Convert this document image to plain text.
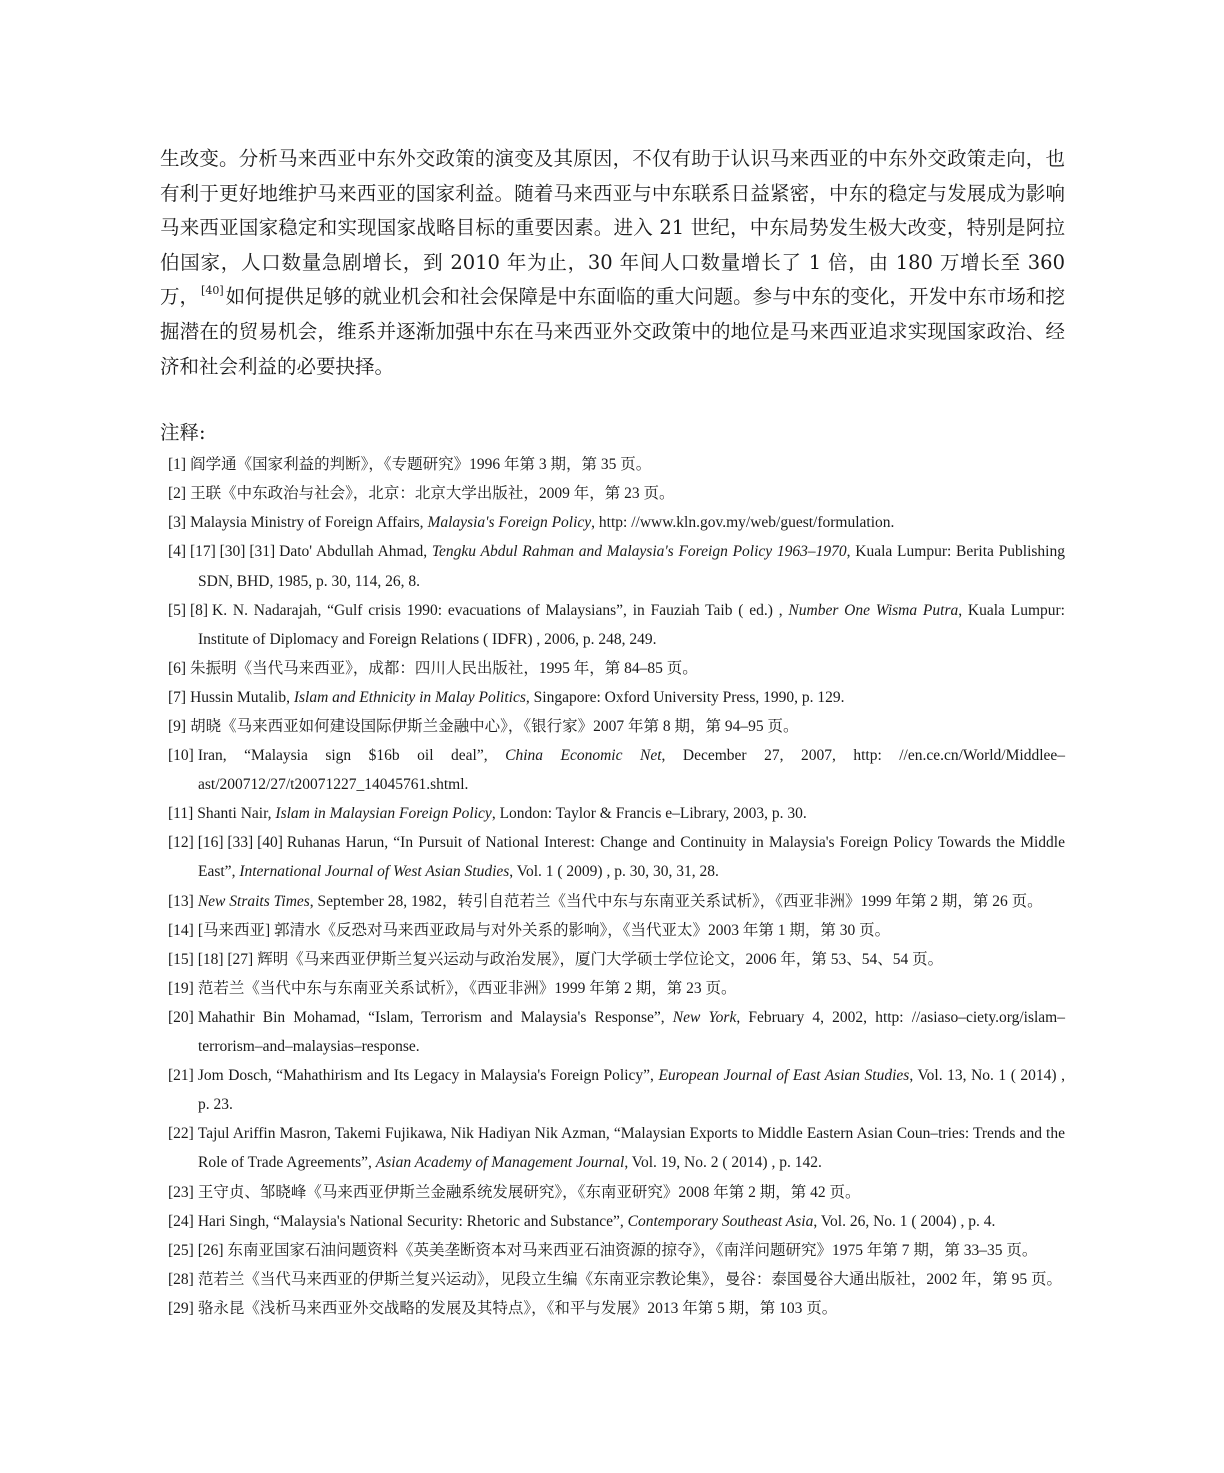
生改变。分析马来西亚中东外交政策的演变及其原因，不仅有助于认识马来西亚的中东外交政策走向，也有利于更好地维护马来西亚的国家利益。随着马来西亚与中东联系日益紧密，中东的稳定与发展成为影响马来西亚国家稳定和实现国家战略目标的重要因素。进入 21 世纪，中东局势发生极大改变，特别是阿拉伯国家，人口数量急剧增长，到 2010 年为止，30 年间人口数量增长了 1 倍，由 180 万增长至 360 万， [40] 如何提供足够的就业机会和社会保障是中东面临的重大问题。参与中东的变化，开发中东市场和挖掘潜在的贸易机会，维系并逐渐加强中东在马来西亚外交政策中的地位是马来西亚追求实现国家政治、经济和社会利益的必要抉择。

注释:
[1] 阎学通《国家利益的判断》，《专题研究》1996 年第 3 期，第 35 页。
[2] 王联《中东政治与社会》，北京：北京大学出版社，2009 年，第 23 页。
[3] Malaysia Ministry of Foreign Affairs, Malaysia's Foreign Policy, http: //www.kln.gov.my/web/guest/formulation.
[4] [17] [30] [31] Dato' Abdullah Ahmad, Tengku Abdul Rahman and Malaysia's Foreign Policy 1963–1970, Kuala Lumpur: Berita Publishing SDN, BHD, 1985, p. 30, 114, 26, 8.
[5] [8] K. N. Nadarajah, “Gulf crisis 1990: evacuations of Malaysians”, in Fauziah Taib ( ed.) , Number One Wisma Putra, Kuala Lumpur: Institute of Diplomacy and Foreign Relations ( IDFR) , 2006, p. 248, 249.
[6] 朱振明《当代马来西亚》，成都：四川人民出版社，1995 年，第 84–85 页。
[7] Hussin Mutalib, Islam and Ethnicity in Malay Politics, Singapore: Oxford University Press, 1990, p. 129.
[9] 胡晓《马来西亚如何建设国际伊斯兰金融中心》，《银行家》2007 年第 8 期，第 94–95 页。
[10] Iran, “Malaysia sign $16b oil deal”, China Economic Net, December 27, 2007, http: //en.ce.cn/World/Middlee–ast/200712/27/t20071227_14045761.shtml.
[11] Shanti Nair, Islam in Malaysian Foreign Policy, London: Taylor & Francis e–Library, 2003, p. 30.
[12] [16] [33] [40] Ruhanas Harun, “In Pursuit of National Interest: Change and Continuity in Malaysia's Foreign Policy Towards the Middle East”, International Journal of West Asian Studies, Vol. 1 ( 2009) , p. 30, 30, 31, 28.
[13] New Straits Times, September 28, 1982，转引自范若兰《当代中东与东南亚关系试析》，《西亚非洲》1999 年第 2 期，第 26 页。
[14] [马来西亚] 郭清水《反恐对马来西亚政局与对外关系的影响》，《当代亚太》2003 年第 1 期，第 30 页。
[15] [18] [27] 辉明《马来西亚伊斯兰复兴运动与政治发展》，厦门大学硕士学位论文，2006 年，第 53、54、54 页。
[19] 范若兰《当代中东与东南亚关系试析》，《西亚非洲》1999 年第 2 期，第 23 页。
[20] Mahathir Bin Mohamad, “Islam, Terrorism and Malaysia's Response”, New York, February 4, 2002, http: //asiaso–ciety.org/islam–terrorism–and–malaysias–response.
[21] Jom Dosch, “Mahathirism and Its Legacy in Malaysia's Foreign Policy”, European Journal of East Asian Studies, Vol. 13, No. 1 ( 2014) , p. 23.
[22] Tajul Ariffin Masron, Takemi Fujikawa, Nik Hadiyan Nik Azman, “Malaysian Exports to Middle Eastern Asian Coun–tries: Trends and the Role of Trade Agreements”, Asian Academy of Management Journal, Vol. 19, No. 2 ( 2014) , p. 142.
[23] 王守贞、邹晓峰《马来西亚伊斯兰金融系统发展研究》，《东南亚研究》2008 年第 2 期，第 42 页。
[24] Hari Singh, “Malaysia's National Security: Rhetoric and Substance”, Contemporary Southeast Asia, Vol. 26, No. 1 ( 2004) , p. 4.
[25] [26] 东南亚国家石油问题资料《英美垄断资本对马来西亚石油资源的掠夺》，《南洋问题研究》1975 年第 7 期，第 33–35 页。
[28] 范若兰《当代马来西亚的伊斯兰复兴运动》，见段立生编《东南亚宗教论集》，曼谷：泰国曼谷大通出版社，2002 年，第 95 页。
[29] 骆永昆《浅析马来西亚外交战略的发展及其特点》，《和平与发展》2013 年第 5 期，第 103 页。
